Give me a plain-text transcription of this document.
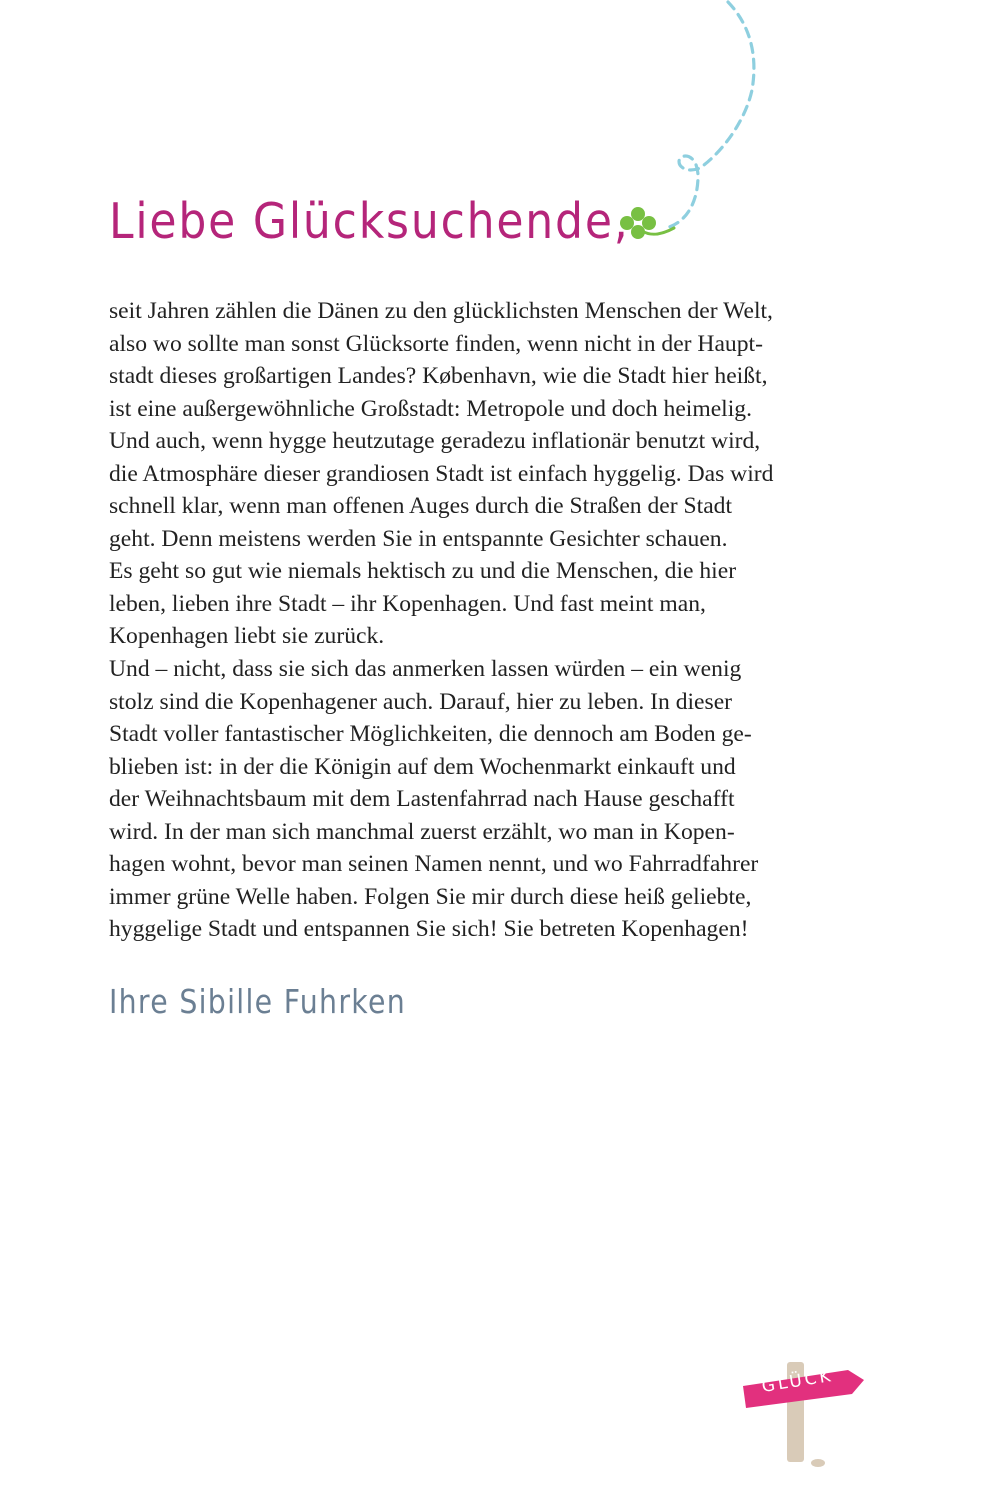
Liebe Glücksuchende,
seit Jahren zählen die Dänen zu den glücklichsten Menschen der Welt,
also wo sollte man sonst Glücksorte finden, wenn nicht in der Haupt-
stadt dieses großartigen Landes? København, wie die Stadt hier heißt,
ist eine außergewöhnliche Großstadt: Metropole und doch heimelig.
Und auch, wenn hygge heutzutage geradezu inflationär benutzt wird,
die Atmosphäre dieser grandiosen Stadt ist einfach hyggelig. Das wird
schnell klar, wenn man offenen Auges durch die Straßen der Stadt
geht. Denn meistens werden Sie in entspannte Gesichter schauen.
Es geht so gut wie niemals hektisch zu und die Menschen, die hier
leben, lieben ihre Stadt – ihr Kopenhagen. Und fast meint man,
Kopenhagen liebt sie zurück.
Und – nicht, dass sie sich das anmerken lassen würden – ein wenig
stolz sind die Kopenhagener auch. Darauf, hier zu leben. In dieser
Stadt voller fantastischer Möglichkeiten, die dennoch am Boden ge-
blieben ist: in der die Königin auf dem Wochenmarkt einkauft und
der Weihnachtsbaum mit dem Lastenfahrrad nach Hause geschafft
wird. In der man sich manchmal zuerst erzählt, wo man in Kopen-
hagen wohnt, bevor man seinen Namen nennt, und wo Fahrradfahrer
immer grüne Welle haben. Folgen Sie mir durch diese heiß geliebte,
hyggelige Stadt und entspannen Sie sich! Sie betreten Kopenhagen!

Ihre Sibille Fuhrken

GLÜCK
